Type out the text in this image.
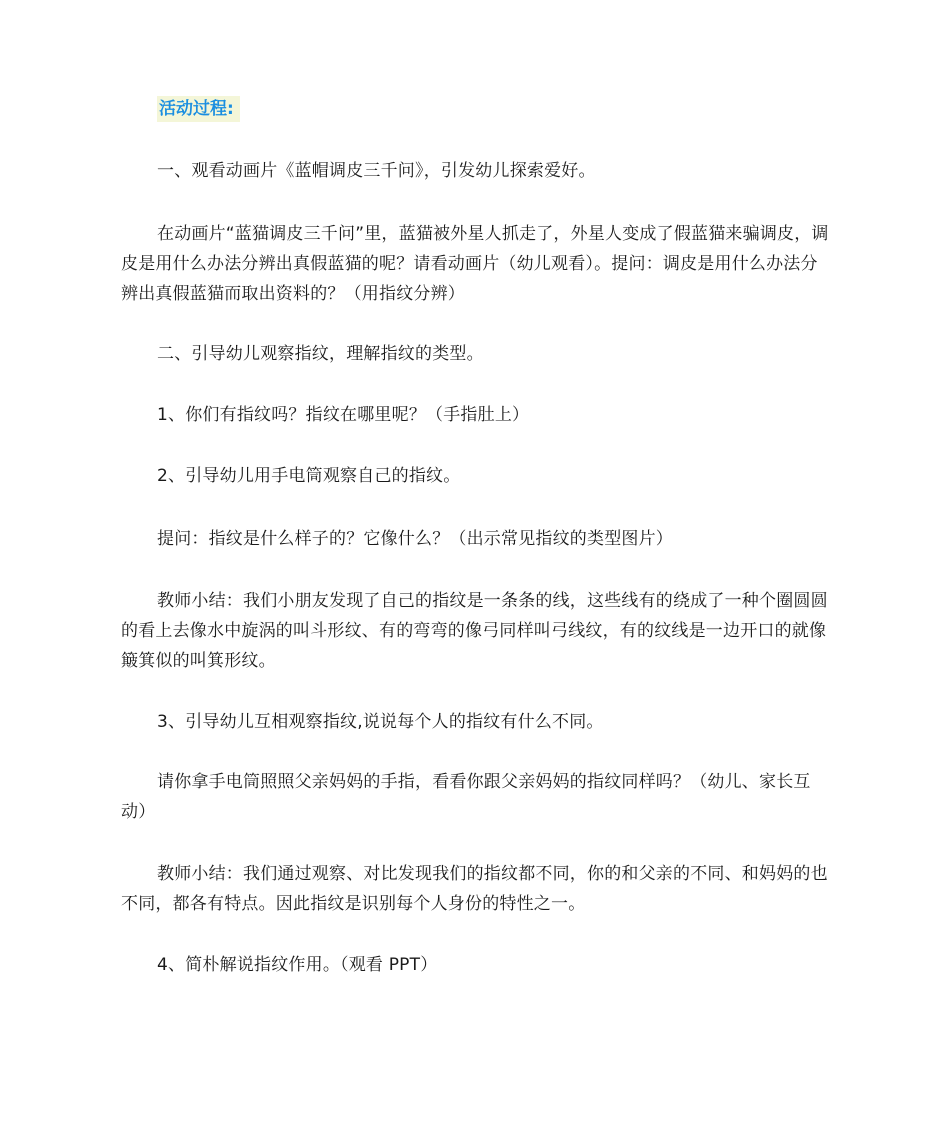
活动过程:

一、观看动画片《蓝帽调皮三千问》，引发幼儿探索爱好。

在动画片“蓝猫调皮三千问”里，蓝猫被外星人抓走了，外星人变成了假蓝猫来骗调皮，调皮是用什么办法分辨出真假蓝猫的呢？请看动画片（幼儿观看）。提问：调皮是用什么办法分辨出真假蓝猫而取出资料的？（用指纹分辨）

二、引导幼儿观察指纹，理解指纹的类型。

1、你们有指纹吗？指纹在哪里呢？（手指肚上）

2、引导幼儿用手电筒观察自己的指纹。

提问：指纹是什么样子的？它像什么？（出示常见指纹的类型图片）

教师小结：我们小朋友发现了自己的指纹是一条条的线，这些线有的绕成了一种个圈圆圆的看上去像水中旋涡的叫斗形纹、有的弯弯的像弓同样叫弓线纹，有的纹线是一边开口的就像簸箕似的叫箕形纹。

3、引导幼儿互相观察指纹,说说每个人的指纹有什么不同。

请你拿手电筒照照父亲妈妈的手指，看看你跟父亲妈妈的指纹同样吗？（幼儿、家长互动）

教师小结：我们通过观察、对比发现我们的指纹都不同，你的和父亲的不同、和妈妈的也不同，都各有特点。因此指纹是识别每个人身份的特性之一。

4、简朴解说指纹作用。（观看 PPT）
